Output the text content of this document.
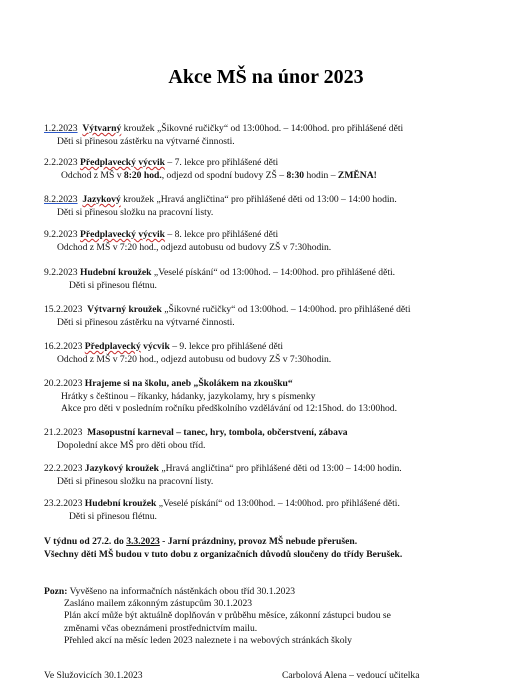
Akce MŠ na únor 2023
1.2.2023 Výtvarný kroužek „Šikovné ručičky“ od 13:00hod. – 14:00hod. pro přihlášené děti
Děti si přinesou zástěrku na výtvarné činnosti.
2.2.2023 Předplavecký výcvik – 7. lekce pro přihlášené děti
Odchod z MŠ v 8:20 hod., odjezd od spodní budovy ZŠ – 8:30 hodin – ZMĚNA!
8.2.2023 Jazykový kroužek „Hravá angličtina“ pro přihlášené děti od 13:00 – 14:00 hodin.
Děti si přinesou složku na pracovní listy.
9.2.2023 Předplavecký výcvik – 8. lekce pro přihlášené děti
Odchod z MŠ v 7:20 hod., odjezd autobusu od budovy ZŠ v 7:30hodin.
9.2.2023 Hudební kroužek „Veselé pískání“ od 13:00hod. – 14:00hod. pro přihlášené děti.
Děti si přinesou flétnu.
15.2.2023 Výtvarný kroužek „Šikovné ručičky“ od 13:00hod. – 14:00hod. pro přihlášené děti
Děti si přinesou zástěrku na výtvarné činnosti.
16.2.2023 Předplavecký výcvik – 9. lekce pro přihlášené děti
Odchod z MŠ v 7:20 hod., odjezd autobusu od budovy ZŠ v 7:30hodin.
20.2.2023 Hrajeme si na školu, aneb „Školákem na zkoušku“
Hrátky s češtinou – říkanky, hádanky, jazykolamy, hry s písmenky
Akce pro děti v posledním ročníku předškolního vzdělávání od 12:15hod. do 13:00hod.
21.2.2023 Masopustní karneval – tanec, hry, tombola, občerstvení, zábava
Dopolední akce MŠ pro děti obou tříd.
22.2.2023 Jazykový kroužek „Hravá angličtina“ pro přihlášené děti od 13:00 – 14:00 hodin.
Děti si přinesou složku na pracovní listy.
23.2.2023 Hudební kroužek „Veselé pískání“ od 13:00hod. – 14:00hod. pro přihlášené děti.
Děti si přinesou flétnu.
V týdnu od 27.2. do 3.3.2023 - Jarní prázdniny, provoz MŠ nebude přerušen.
Všechny děti MŠ budou v tuto dobu z organizačních důvodů sloučeny do třídy Berušek.
Pozn: Vyvěšeno na informačních nástěnkách obou tříd 30.1.2023
Zasláno mailem zákonným zástupcům 30.1.2023
Plán akcí může být aktuálně doplňován v průběhu měsíce, zákonní zástupci budou se
změnami včas obeznámeni prostřednictvím mailu.
Přehled akcí na měsíc leden 2023 naleznete i na webových stránkách školy
Ve Služovicích 30.1.2023	Carbolová Alena – vedoucí učitelka
